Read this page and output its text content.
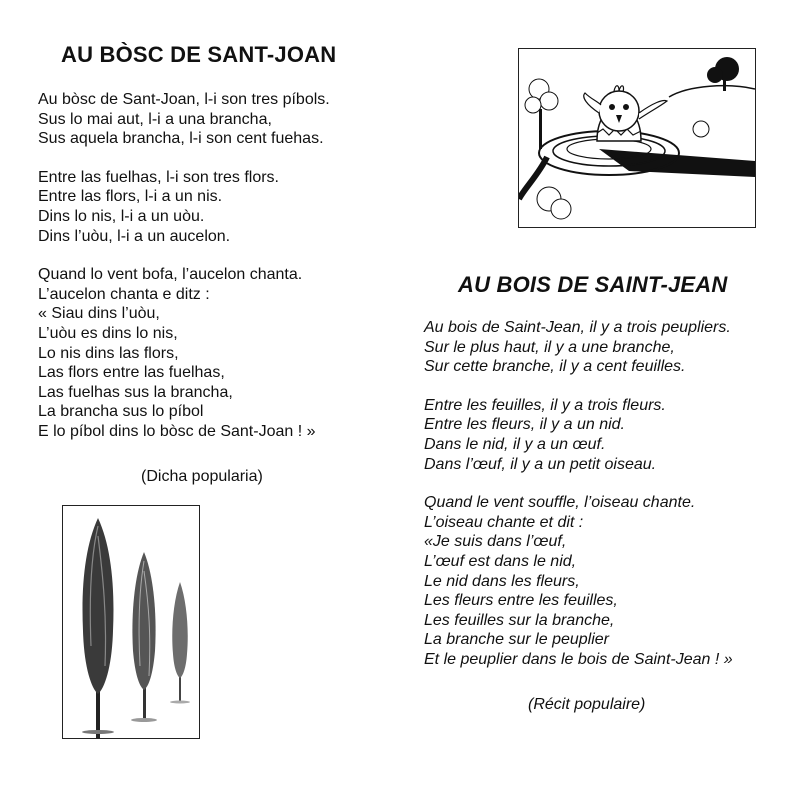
AU BÒSC DE SANT-JOAN

Au bòsc de Sant-Joan, l-i son tres píbols.
Sus lo mai aut, l-i a una brancha,
Sus aquela brancha, l-i son cent fuehas.

Entre las fuelhas, l-i son tres flors.
Entre las flors, l-i a un nis.
Dins lo nis, l-i a un uòu.
Dins l’uòu, l-i a un aucelon.

Quand lo vent bofa, l’aucelon chanta.
L’aucelon chanta e ditz :
« Siau dins l’uòu,
L’uòu es dins lo nis,
Lo nis dins las flors,
Las flors entre las fuelhas,
Las fuelhas sus la brancha,
La brancha sus lo píbol
E lo píbol dins lo bòsc de Sant-Joan ! »

(Dicha popularia)
AU BOIS DE SAINT-JEAN

Au bois de Saint-Jean, il y a trois peupliers.
Sur le plus haut, il y a une branche,
Sur cette branche, il y a cent feuilles.

Entre les feuilles, il y a trois fleurs.
Entre les fleurs, il y a un nid.
Dans le nid, il y a un œuf.
Dans l’œuf, il y a un petit oiseau.

Quand le vent souffle, l’oiseau chante.
L’oiseau chante et dit :
«Je suis dans l’œuf,
L’œuf est dans le nid,
Le nid dans les fleurs,
Les fleurs entre les feuilles,
Les feuilles sur la branche,
La branche sur le peuplier
Et le peuplier dans le bois de Saint-Jean ! »

(Récit populaire)
